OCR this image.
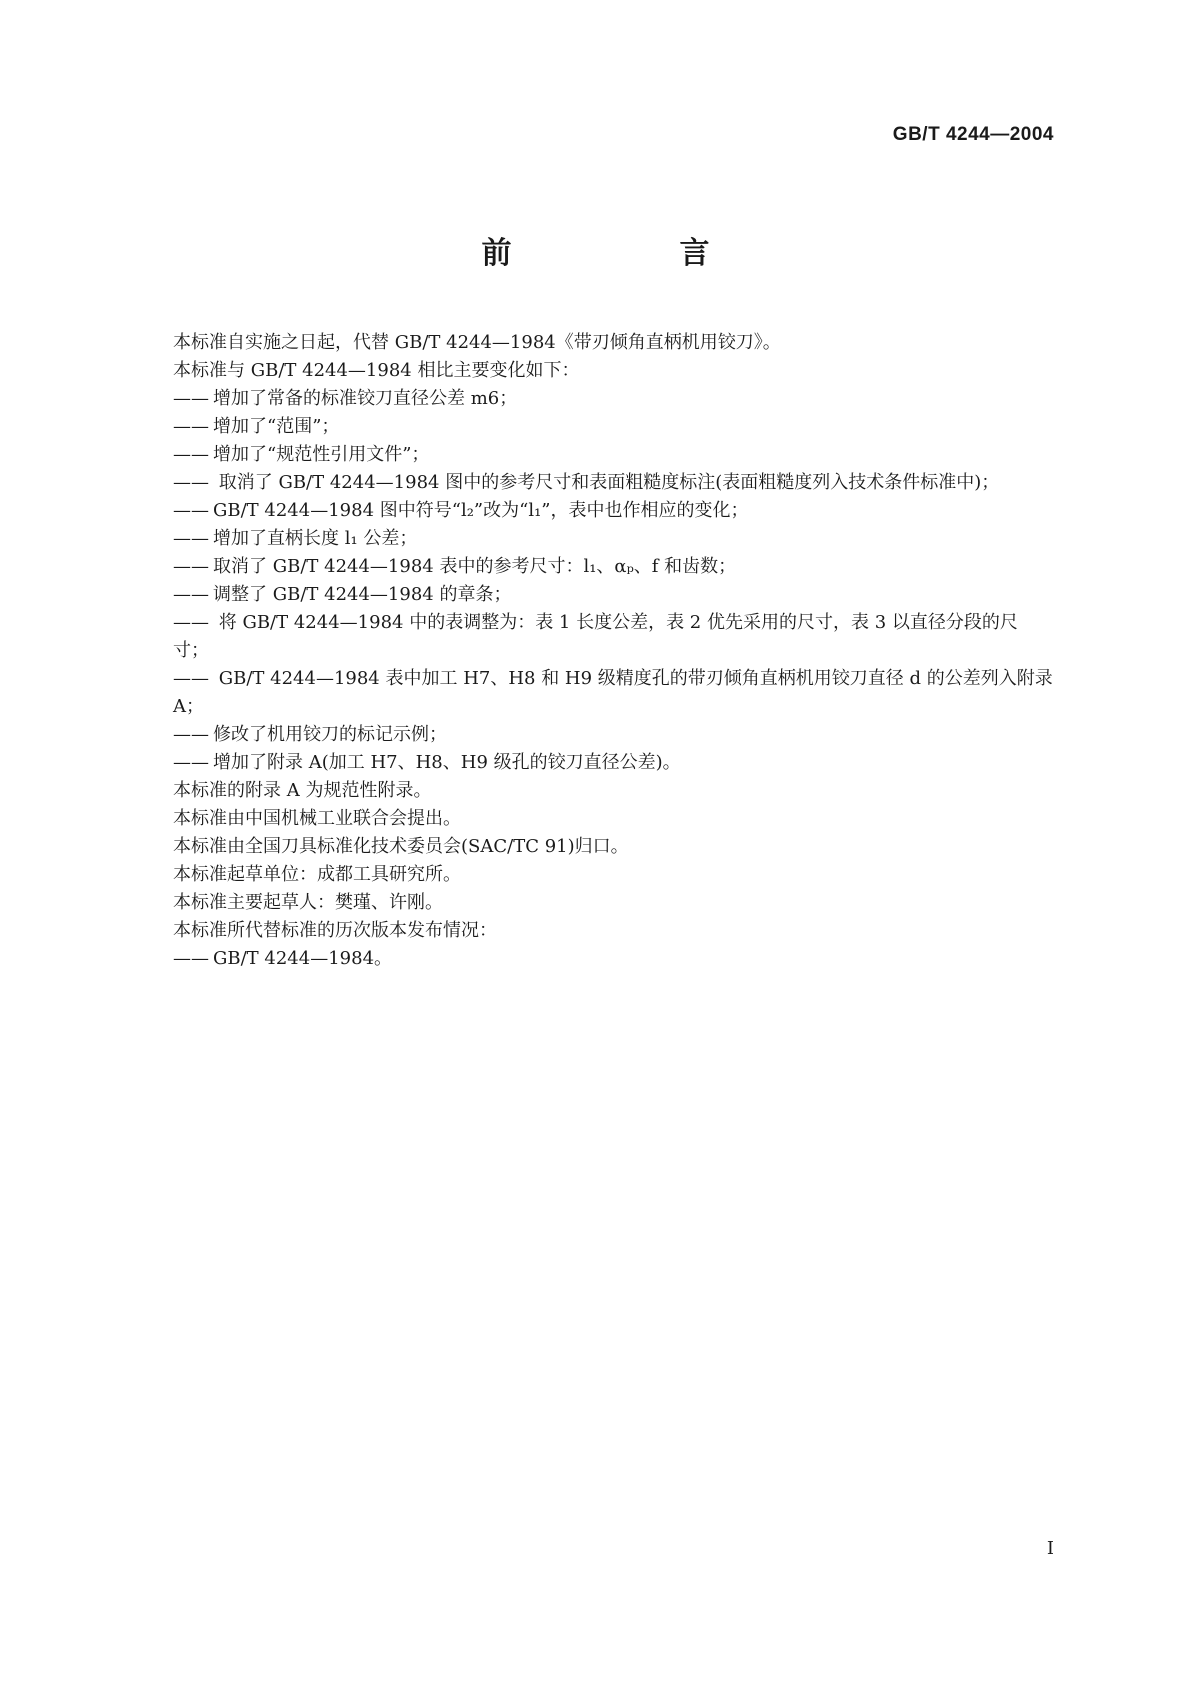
GB/T 4244—2004
前　　言
本标准自实施之日起，代替 GB/T 4244—1984《带刃倾角直柄机用铰刀》。
本标准与 GB/T 4244—1984 相比主要变化如下：
—— 增加了常备的标准铰刀直径公差 m6；
—— 增加了“范围”；
—— 增加了“规范性引用文件”；
—— 取消了 GB/T 4244—1984 图中的参考尺寸和表面粗糙度标注(表面粗糙度列入技术条件标准中)；
—— GB/T 4244—1984 图中符号“l₂”改为“l₁”，表中也作相应的变化；
—— 增加了直柄长度 l₁ 公差；
—— 取消了 GB/T 4244—1984 表中的参考尺寸：l₁、αₚ、f 和齿数；
—— 调整了 GB/T 4244—1984 的章条；
—— 将 GB/T 4244—1984 中的表调整为：表 1 长度公差，表 2 优先采用的尺寸，表 3 以直径分段的尺寸；
—— GB/T 4244—1984 表中加工 H7、H8 和 H9 级精度孔的带刃倾角直柄机用铰刀直径 d 的公差列入附录 A；
—— 修改了机用铰刀的标记示例；
—— 增加了附录 A(加工 H7、H8、H9 级孔的铰刀直径公差)。
本标准的附录 A 为规范性附录。
本标准由中国机械工业联合会提出。
本标准由全国刀具标准化技术委员会(SAC/TC 91)归口。
本标准起草单位：成都工具研究所。
本标准主要起草人：樊瑾、许刚。
本标准所代替标准的历次版本发布情况：
—— GB/T 4244—1984。
I
